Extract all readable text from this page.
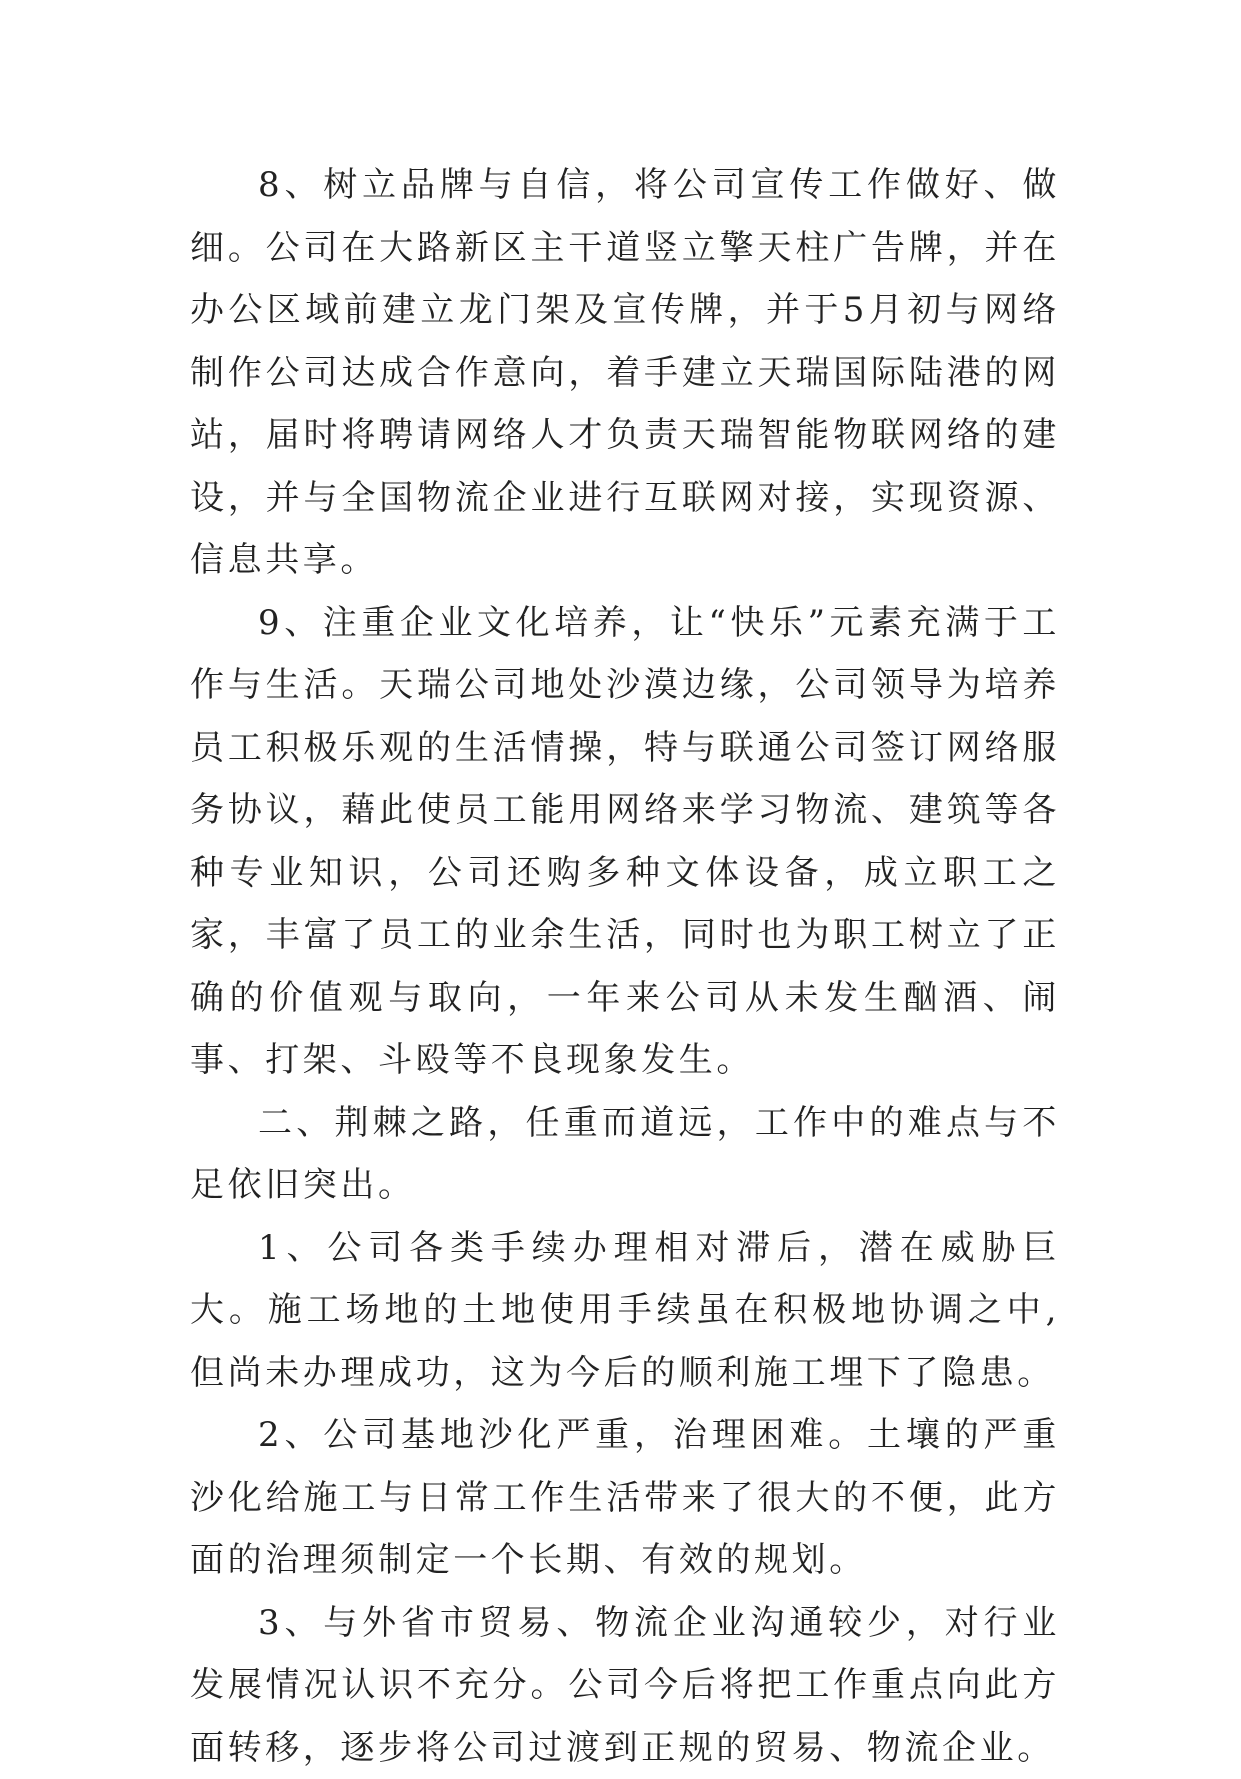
8、树立品牌与自信，将公司宣传工作做好、做细。公司在大路新区主干道竖立擎天柱广告牌，并在办公区域前建立龙门架及宣传牌，并于5月初与网络制作公司达成合作意向，着手建立天瑞国际陆港的网站，届时将聘请网络人才负责天瑞智能物联网络的建设，并与全国物流企业进行互联网对接，实现资源、信息共享。

9、注重企业文化培养，让“快乐”元素充满于工作与生活。天瑞公司地处沙漠边缘，公司领导为培养员工积极乐观的生活情操，特与联通公司签订网络服务协议，藉此使员工能用网络来学习物流、建筑等各种专业知识，公司还购多种文体设备，成立职工之家，丰富了员工的业余生活，同时也为职工树立了正确的价值观与取向，一年来公司从未发生酗酒、闹事、打架、斗殴等不良现象发生。

二、荆棘之路，任重而道远，工作中的难点与不足依旧突出。

1、公司各类手续办理相对滞后，潜在威胁巨大。施工场地的土地使用手续虽在积极地协调之中,但尚未办理成功，这为今后的顺利施工埋下了隐患。

2、公司基地沙化严重，治理困难。土壤的严重沙化给施工与日常工作生活带来了很大的不便，此方面的治理须制定一个长期、有效的规划。

3、与外省市贸易、物流企业沟通较少，对行业发展情况认识不充分。公司今后将把工作重点向此方面转移，逐步将公司过渡到正规的贸易、物流企业。
